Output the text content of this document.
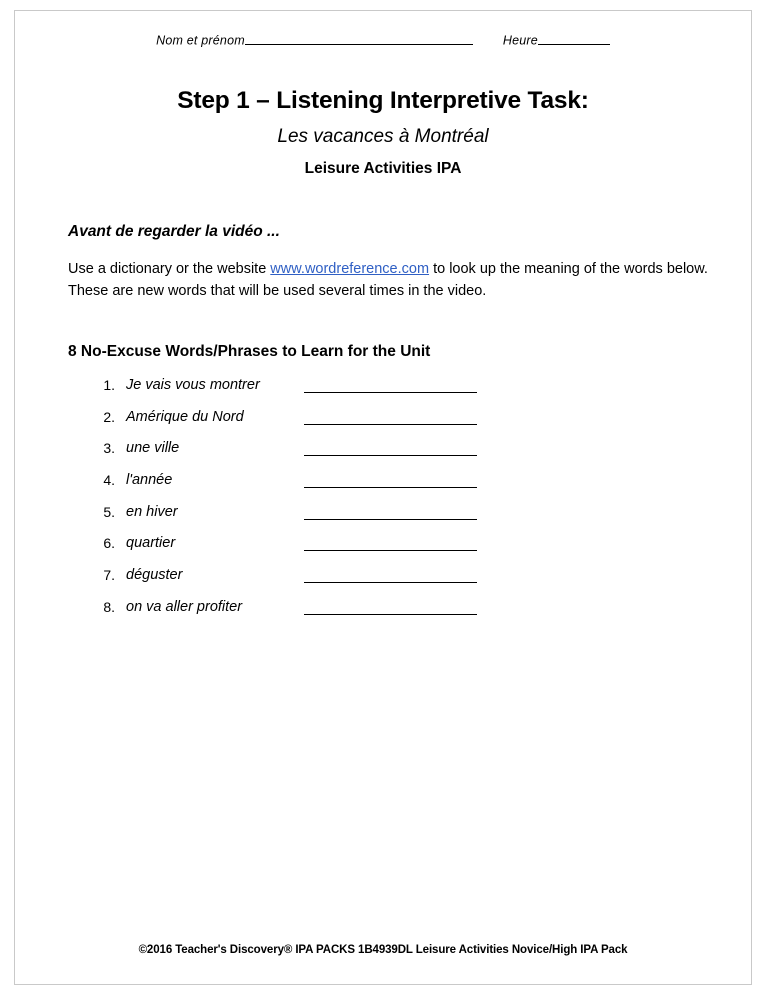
Nom et prénom	Heure
Step 1 – Listening Interpretive Task:
Les vacances à Montréal
Leisure Activities IPA
Avant de regarder la vidéo ...
Use a dictionary or the website www.wordreference.com to look up the meaning of the words below. These are new words that will be used several times in the video.
8 No-Excuse Words/Phrases to Learn for the Unit
1. Je vais vous montrer
2. Amérique du Nord
3. une ville
4. l'année
5. en hiver
6. quartier
7. déguster
8. on va aller profiter
©2016 Teacher's Discovery® IPA PACKS 1B4939DL Leisure Activities Novice/High IPA Pack
